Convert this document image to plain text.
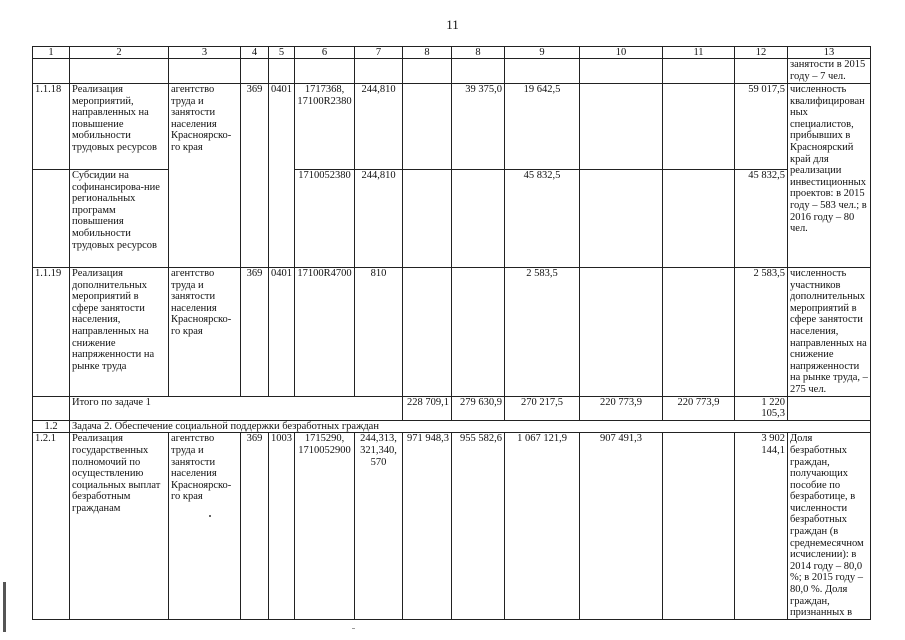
11
1	2	3	4	5	6	7	8	8	9	10	11	12	13
													занятости в 2015 году – 7 чел.
1.1.18	Реализация мероприятий, направленных на повышение мобильности трудовых ресурсов	агентство труда и занятости населения Красноярско-го края	369	0401	1717368, 17100R2380	244,810		39 375,0	19 642,5			59 017,5	численность квалифицированных специалистов, прибывших в Красноярский край для реализации инвестиционных проектов: в 2015 году – 583 чел.; в 2016 году – 80 чел.
	Субсидии на софинансирова-ние региональных программ повышения мобильности трудовых ресурсов				1710052380	244,810			45 832,5			45 832,5	
1.1.19	Реализация дополнительных мероприятий в сфере занятости населения, направленных на снижение напряженности на рынке труда	агентство труда и занятости населения Красноярско-го края	369	0401	17100R4700	810			2 583,5			2 583,5	численность участников дополнительных мероприятий в сфере занятости населения, направленных на снижение напряженности на рынке труда, – 275 чел.
	Итого по задаче 1						228 709,1	279 630,9	270 217,5	220 773,9	220 773,9	1 220 105,3	
1.2	Задача 2. Обеспечение социальной поддержки безработных граждан												
1.2.1	Реализация государственных полномочий по осуществлению социальных выплат безработным гражданам	агентство труда и занятости населения Красноярско-го края	369	1003	1715290, 1710052900	244,313, 321,340, 570	971 948,3	955 582,6	1 067 121,9	907 491,3		3 902 144,1	Доля безработных граждан, получающих пособие по безработице, в численности безработных граждан (в среднемесячном исчислении): в 2014 году – 80,0 %; в 2015 году – 80,0 %. Доля граждан, признанных в
